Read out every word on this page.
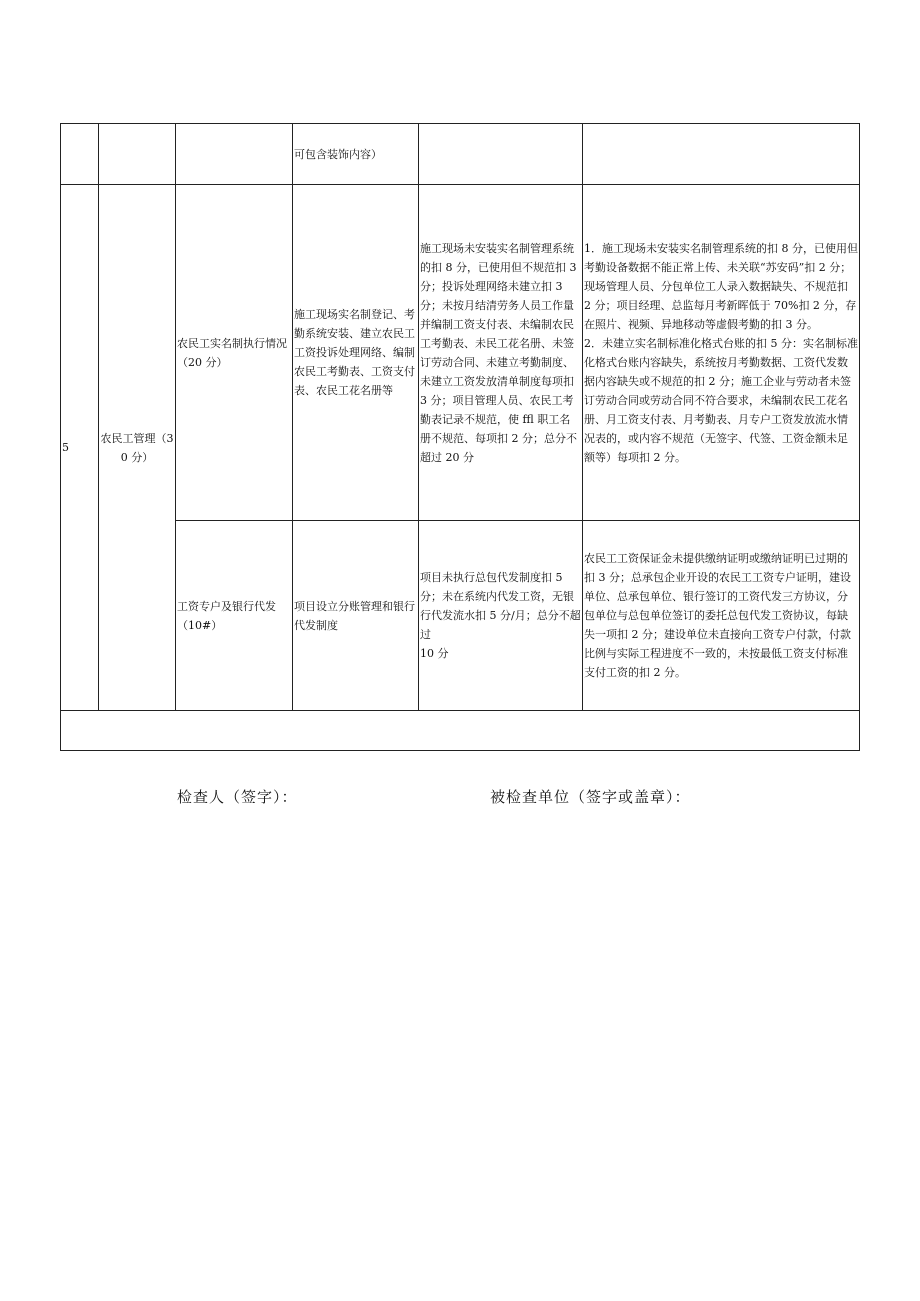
			可包含装饰内容）		
5	农民工管理（30 分）	农民工实名制执行情况（20 分）	施工现场实名制登记、考勤系统安装、建立农民工工资投诉处理网络、编制农民工考勤表、工资支付表、农民工花名册等	施工现场未安装实名制管理系统的扣 8 分，已使用但不规范扣 3 分；投诉处理网络未建立扣 3 分；未按月结清劳务人员工作量并编制工资支付表、未编制农民工考勤表、未民工花名册、未签订劳动合同、未建立考勤制度、未建立工资发放清单制度每项扣 3 分；项目管理人员、农民工考勤表记录不规范，使 ffl 职工名册不规范、每项扣 2 分；总分不超过 20 分	1．施工现场未安装实名制管理系统的扣 8 分，已使用但考勤设备数据不能正常上传、未关联“苏安码”扣 2 分；现场管理人员、分包单位工人录入数据缺失、不规范扣 2 分；项目经理、总监每月考新晖低于 70%扣 2 分，存在照片、视频、异地移动等虚假考勤的扣 3 分。
2．未建立实名制标准化格式台账的扣 5 分：实名制标准化格式台账内容缺失，系统按月考勤数据、工资代发数据内容缺失或不规范的扣 2 分；施工企业与劳动者未签订劳动合同或劳动合同不符合要求，未编制农民工花名册、月工资支付表、月考勤表、月专户工资发放流水情况表的，或内容不规范（无签字、代签、工资金额未足额等）每项扣 2 分。

		工资专户及银行代发（10#）	项目设立分账管理和银行代发制度	项目未执行总包代发制度扣 5 分；未在系统内代发工资，无银行代发流水扣 5 分/月；总分不超过
10 分	农民工工资保证金未提供缴纳证明或缴纳证明已过期的扣 3 分；总承包企业开设的农民工工资专户证明，建设单位、总承包单位、银行签订的工资代发三方协议，分包单位与总包单位签订的委托总包代发工资协议，每缺失一项扣 2 分；建设单位未直接向工资专户付款，付款比例与实际工程进度不一致的，未按最低工资支付标准支付工资的扣 2 分。

检查人（签字）：	被检查单位（签字或盖章）：
